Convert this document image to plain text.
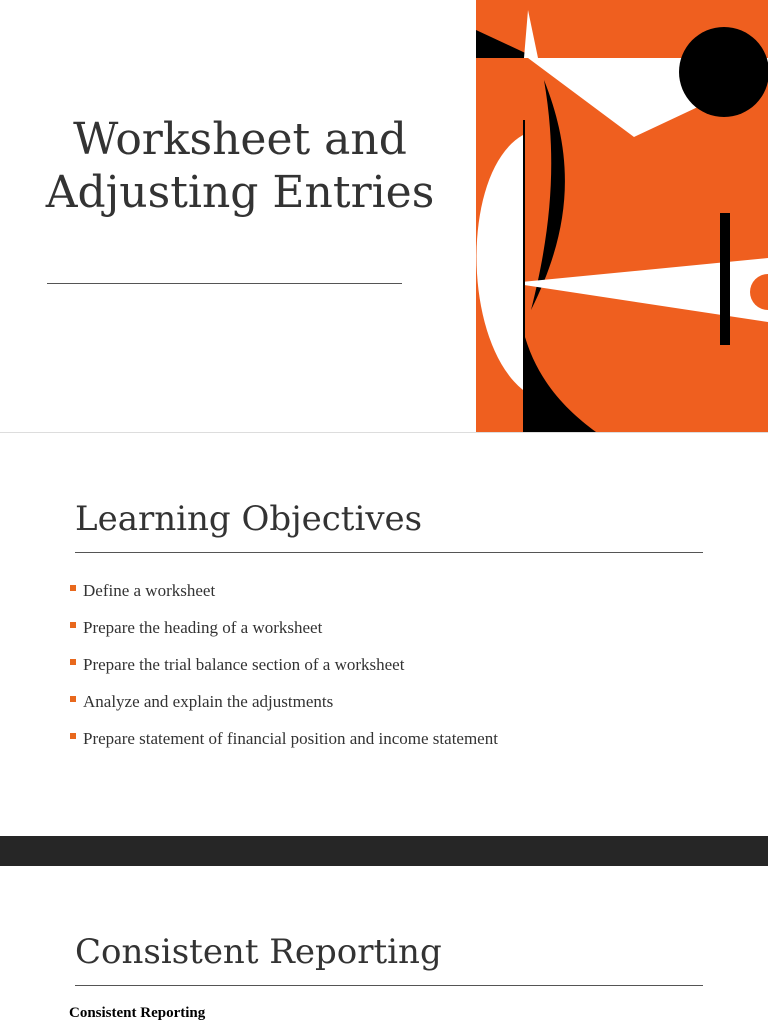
Worksheet and Adjusting Entries
Learning Objectives
Define a worksheet
Prepare the heading of a worksheet
Prepare the trial balance section of a worksheet
Analyze and explain the adjustments
Prepare statement of financial position and income statement
Consistent Reporting

Consistent Reporting
